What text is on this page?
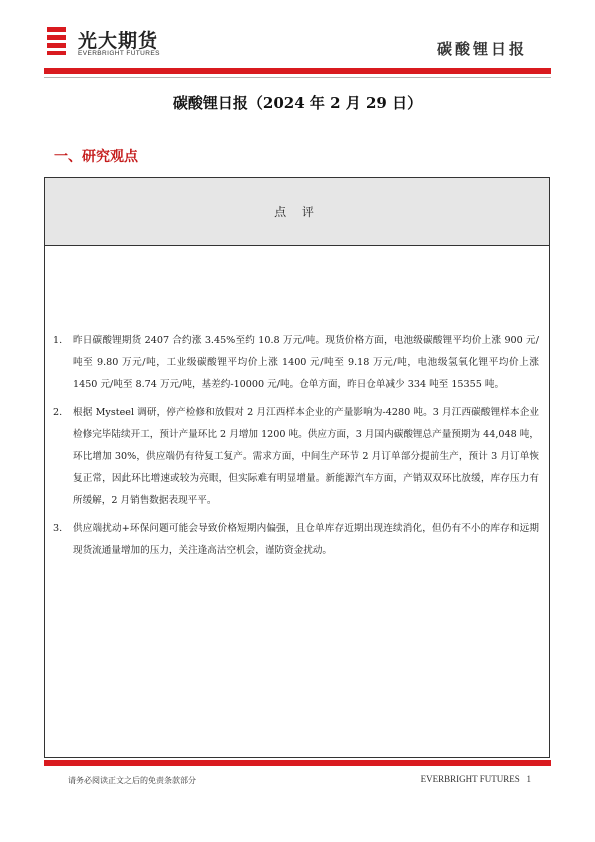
光大期货
EVERBRIGHT FUTURES	碳酸锂日报
碳酸锂日报（2024 年 2 月 29 日）
一、研究观点
点 评
1. 昨日碳酸锂期货 2407 合约涨 3.45%至约 10.8 万元/吨。现货价格方面，电池级碳酸锂平均价上涨 900 元/吨至 9.80 万元/吨，工业级碳酸锂平均价上涨 1400 元/吨至 9.18 万元/吨，电池级氢氧化锂平均价上涨 1450 元/吨至 8.74 万元/吨，基差约-10000 元/吨。仓单方面，昨日仓单减少 334 吨至 15355 吨。
2. 根据 Mysteel 调研，停产检修和放假对 2 月江西样本企业的产量影响为-4280 吨。3 月江西碳酸锂样本企业检修完毕陆续开工，预计产量环比 2 月增加 1200 吨。供应方面，3 月国内碳酸锂总产量预期为 44,048 吨，环比增加 30%，供应端仍有待复工复产。需求方面，中间生产环节 2 月订单部分提前生产，预计 3 月订单恢复正常，因此环比增速或较为亮眼，但实际难有明显增量。新能源汽车方面，产销双双环比放缓，库存压力有所缓解，2 月销售数据表现平平。
3. 供应端扰动+环保问题可能会导致价格短期内偏强，且仓单库存近期出现连续消化，但仍有不小的库存和远期现货流通量增加的压力，关注逢高沽空机会，谨防资金扰动。
请务必阅读正文之后的免责条款部分	EVERBRIGHT FUTURES 1
